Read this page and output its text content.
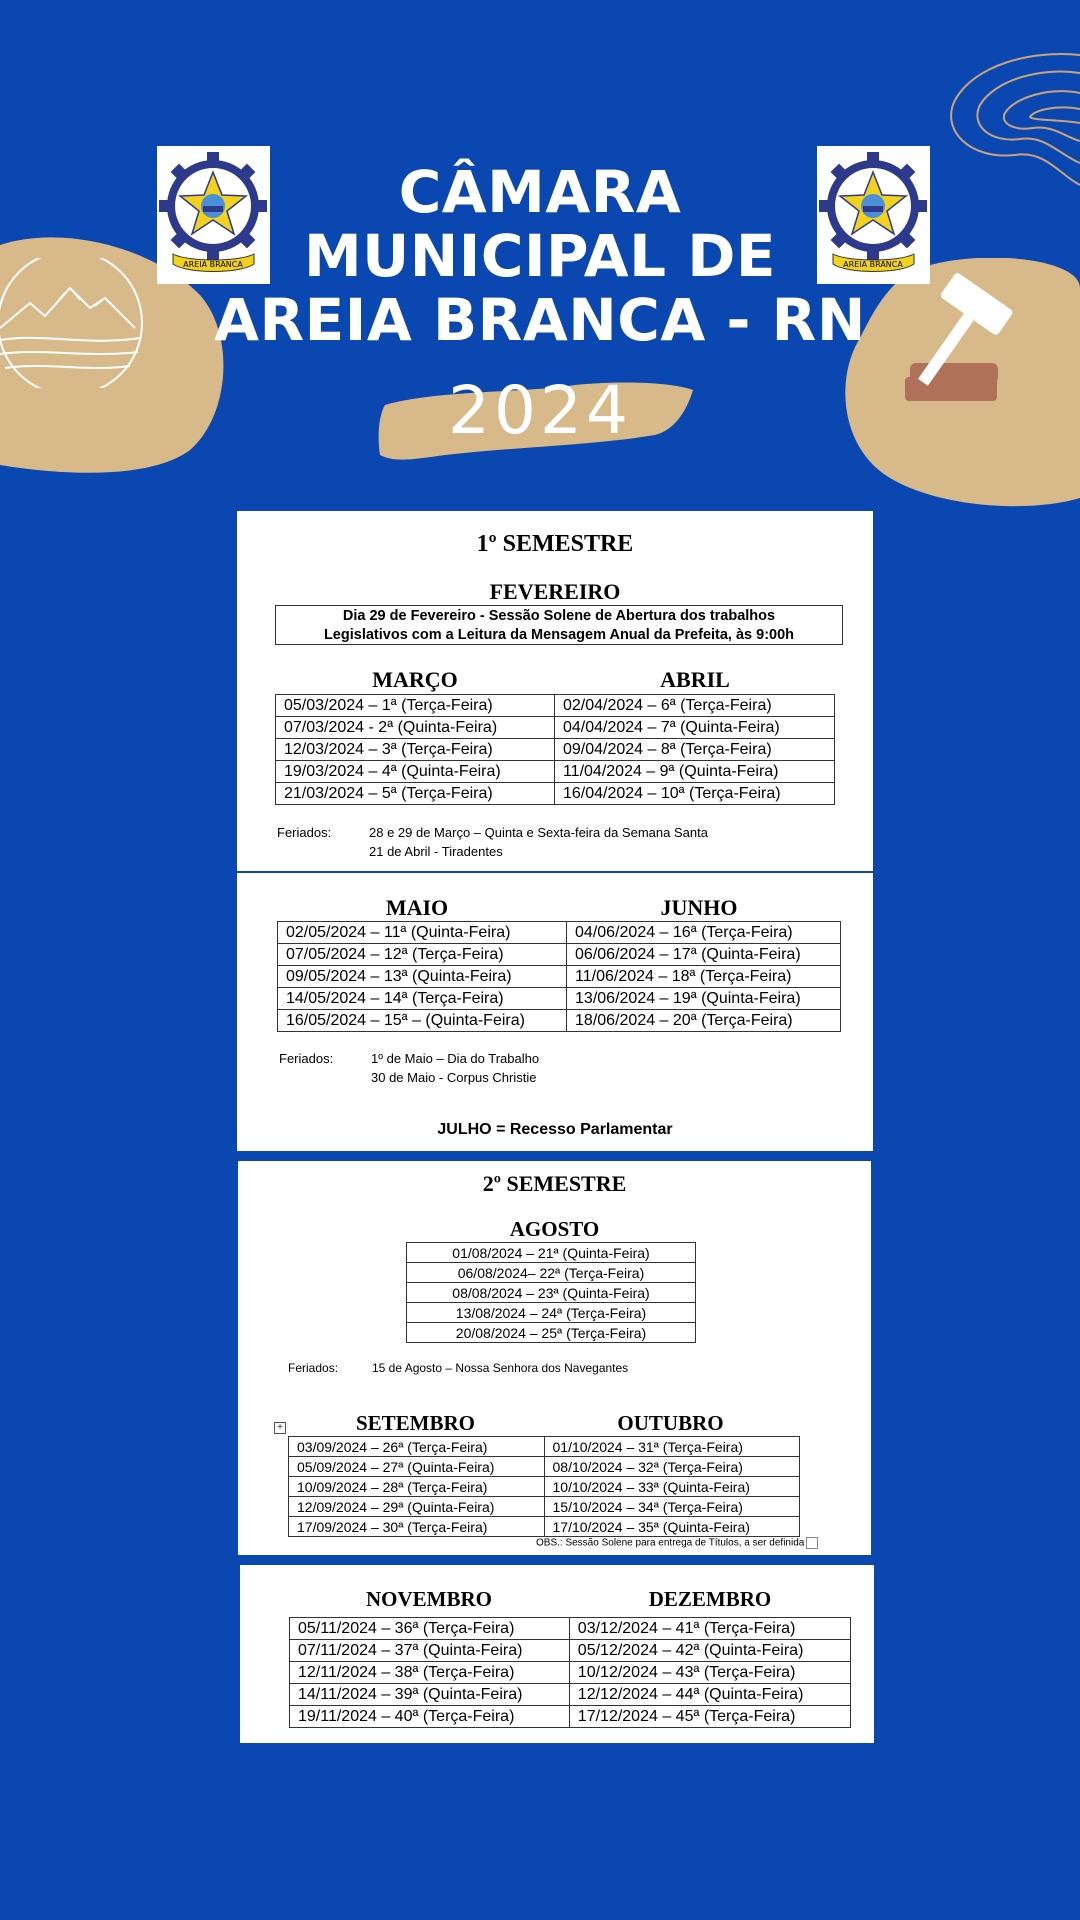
AREIA BRANCA	AREIA BRANCA
CÂMARA
MUNICIPAL DE
AREIA BRANCA - RN
2024
1º SEMESTRE
FEVEREIRO
Dia 29 de Fevereiro - Sessão Solene de Abertura dos trabalhos
Legislativos com a Leitura da Mensagem Anual da Prefeita, às 9:00h
MARÇO	ABRIL
05/03/2024 – 1ª (Terça-Feira)	02/04/2024 – 6ª (Terça-Feira)
07/03/2024 - 2ª (Quinta-Feira)	04/04/2024 – 7ª (Quinta-Feira)
12/03/2024 – 3ª (Terça-Feira)	09/04/2024 – 8ª (Terça-Feira)
19/03/2024 – 4ª (Quinta-Feira)	11/04/2024 – 9ª (Quinta-Feira)
21/03/2024 – 5ª (Terça-Feira)	16/04/2024 – 10ª (Terça-Feira)
Feriados:	28 e 29 de Março – Quinta e Sexta-feira da Semana Santa
21 de Abril - Tiradentes
MAIO	JUNHO
02/05/2024 – 11ª (Quinta-Feira)	04/06/2024 – 16ª (Terça-Feira)
07/05/2024 – 12ª (Terça-Feira)	06/06/2024 – 17ª (Quinta-Feira)
09/05/2024 – 13ª (Quinta-Feira)	11/06/2024 – 18ª (Terça-Feira)
14/05/2024 – 14ª (Terça-Feira)	13/06/2024 – 19ª (Quinta-Feira)
16/05/2024 – 15ª – (Quinta-Feira)	18/06/2024 – 20ª (Terça-Feira)
Feriados:	1º de Maio – Dia do Trabalho
30 de Maio - Corpus Christie
JULHO = Recesso Parlamentar
2º SEMESTRE
AGOSTO
01/08/2024 – 21ª (Quinta-Feira)
06/08/2024– 22ª (Terça-Feira)
08/08/2024 – 23ª (Quinta-Feira)
13/08/2024 – 24ª (Terça-Feira)
20/08/2024 – 25ª (Terça-Feira)
Feriados:	15 de Agosto – Nossa Senhora dos Navegantes
+	SETEMBRO	OUTUBRO
03/09/2024 – 26ª (Terça-Feira)	01/10/2024 – 31ª (Terça-Feira)
05/09/2024 – 27ª (Quinta-Feira)	08/10/2024 – 32ª (Terça-Feira)
10/09/2024 – 28ª (Terça-Feira)	10/10/2024 – 33ª (Quinta-Feira)
12/09/2024 – 29ª (Quinta-Feira)	15/10/2024 – 34ª (Terça-Feira)
17/09/2024 – 30ª (Terça-Feira)	17/10/2024 – 35ª (Quinta-Feira)
OBS.: Sessão Solene para entrega de Títulos, a ser definida
NOVEMBRO	DEZEMBRO
05/11/2024 – 36ª (Terça-Feira)	03/12/2024 – 41ª (Terça-Feira)
07/11/2024 – 37ª (Quinta-Feira)	05/12/2024 – 42ª (Quinta-Feira)
12/11/2024 – 38ª (Terça-Feira)	10/12/2024 – 43ª (Terça-Feira)
14/11/2024 – 39ª (Quinta-Feira)	12/12/2024 – 44ª (Quinta-Feira)
19/11/2024 – 40ª (Terça-Feira)	17/12/2024 – 45ª (Terça-Feira)
